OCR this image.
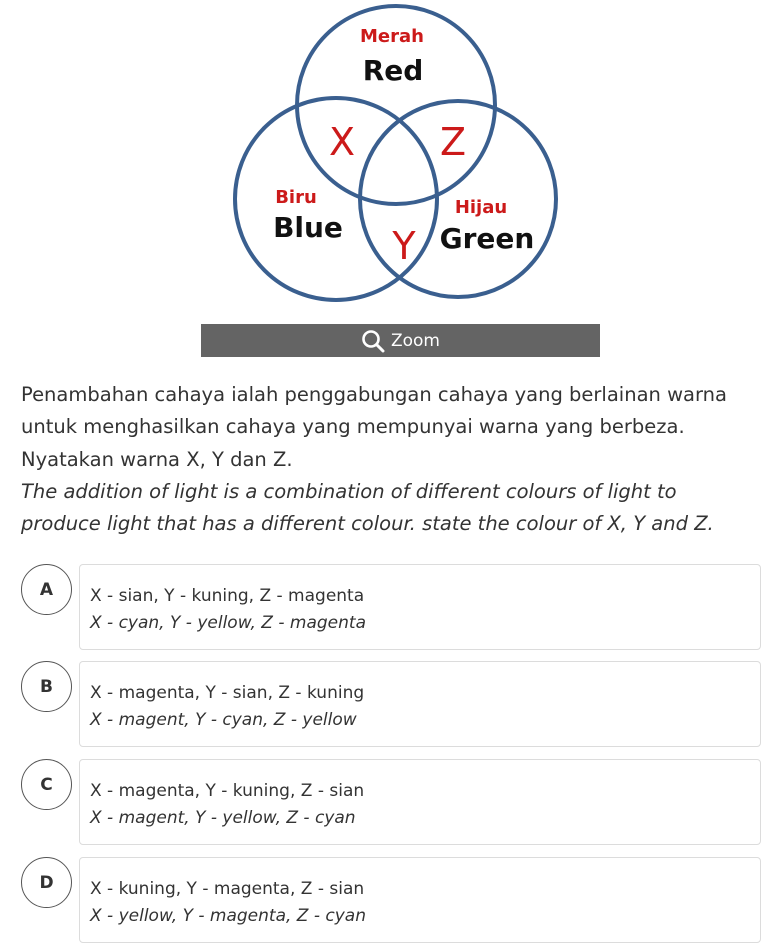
Merah
Red
Biru
Blue
Hijau
Green
X Z
Y
Zoom

Penambahan cahaya ialah penggabungan cahaya yang berlainan warna

untuk menghasilkan cahaya yang mempunyai warna yang berbeza.

Nyatakan warna X, Y dan Z.

The addition of light is a combination of different colours of light to

produce light that has a different colour. state the colour of X, Y and Z.

A X - sian, Y - kuning, Z - magenta
X - cyan, Y - yellow, Z - magenta
B X - magenta, Y - sian, Z - kuning
X - magent, Y - cyan, Z - yellow
C X - magenta, Y - kuning, Z - sian
X - magent, Y - yellow, Z - cyan
D X - kuning, Y - magenta, Z - sian
X - yellow, Y - magenta, Z - cyan
